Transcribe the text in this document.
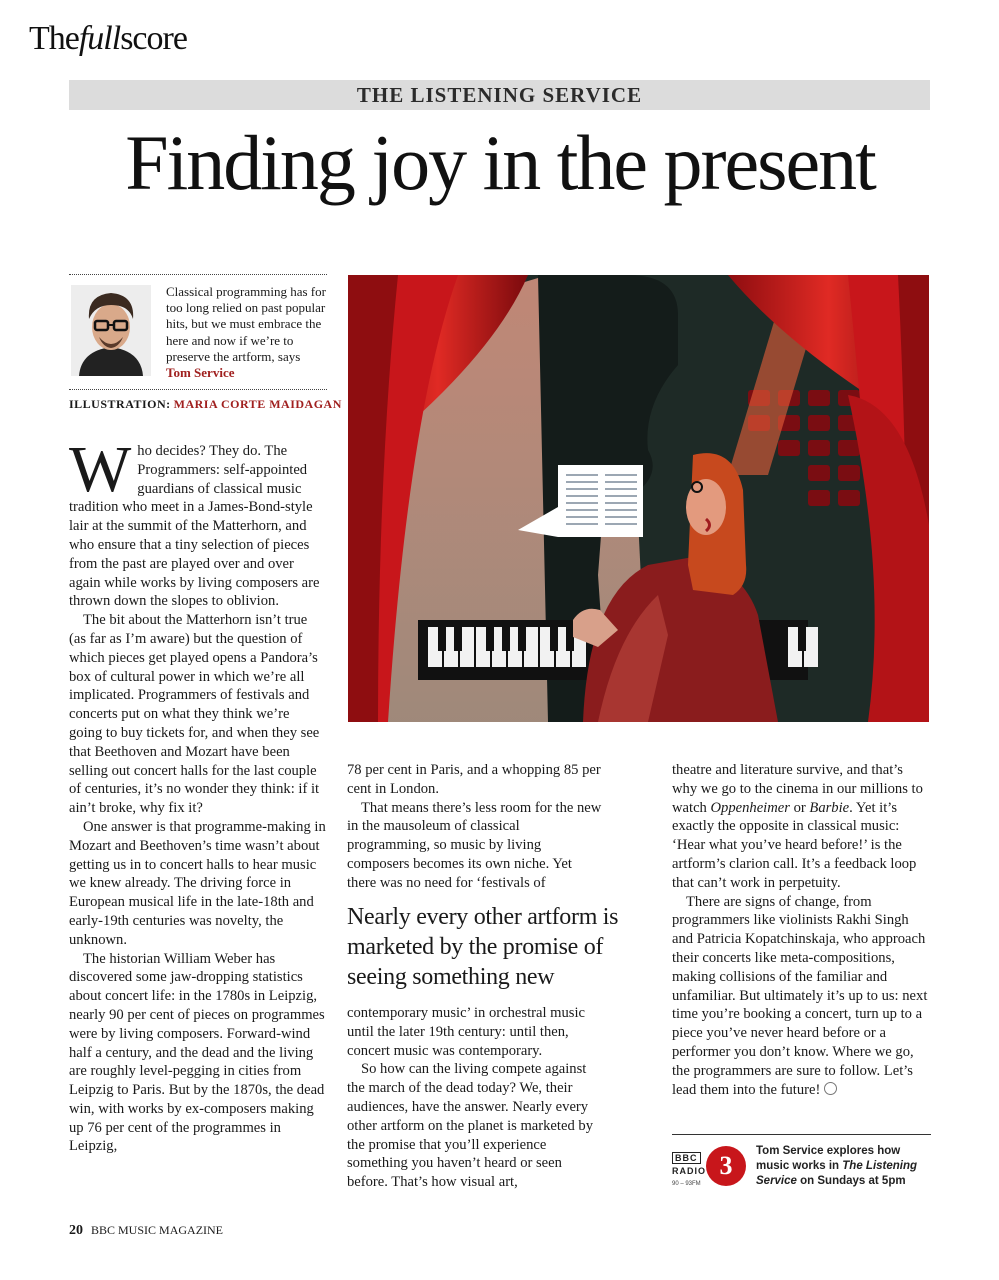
Thefullscore
THE LISTENING SERVICE
Finding joy in the present
Classical programming has for too long relied on past popular hits, but we must embrace the here and now if we’re to preserve the artform, says Tom Service
ILLUSTRATION: MARIA CORTE MAIDAGAN

Who decides? They do. The Programmers: self-appointed guardians of classical music tradition who meet in a James-Bond-style lair at the summit of the Matterhorn, and who ensure that a tiny selection of pieces from the past are played over and over again while works by living composers are thrown down the slopes to oblivion.

The bit about the Matterhorn isn’t true (as far as I’m aware) but the question of which pieces get played opens a Pandora’s box of cultural power in which we’re all implicated. Programmers of festivals and concerts put on what they think we’re going to buy tickets for, and when they see that Beethoven and Mozart have been selling out concert halls for the last couple of centuries, it’s no wonder they think: if it ain’t broke, why fix it?

One answer is that programme-making in Mozart and Beethoven’s time wasn’t about getting us in to concert halls to hear music we knew already. The driving force in European musical life in the late-18th and early-19th centuries was novelty, the unknown.

The historian William Weber has discovered some jaw-dropping statistics about concert life: in the 1780s in Leipzig, nearly 90 per cent of pieces on programmes were by living composers. Forward-wind half a century, and the dead and the living are roughly level-pegging in cities from Leipzig to Paris. But by the 1870s, the dead win, with works by ex-composers making up 76 per cent of the programmes in Leipzig,

78 per cent in Paris, and a whopping 85 per cent in London.

That means there’s less room for the new in the mausoleum of classical programming, so music by living composers becomes its own niche. Yet there was no need for ‘festivals of

Nearly every other artform is marketed by the promise of seeing something new

contemporary music’ in orchestral music until the later 19th century: until then, concert music was contemporary.

So how can the living compete against the march of the dead today? We, their audiences, have the answer. Nearly every other artform on the planet is marketed by the promise that you’ll experience something you haven’t heard or seen before. That’s how visual art,

theatre and literature survive, and that’s why we go to the cinema in our millions to watch Oppenheimer or Barbie. Yet it’s exactly the opposite in classical music: ‘Hear what you’ve heard before!’ is the artform’s clarion call. It’s a feedback loop that can’t work in perpetuity.

There are signs of change, from programmers like violinists Rakhi Singh and Patricia Kopatchinskaja, who approach their concerts like meta-compositions, making collisions of the familiar and unfamiliar. But ultimately it’s up to us: next time you’re booking a concert, turn up to a piece you’ve never heard before or a performer you don’t know. Where we go, the programmers are sure to follow. Let’s lead them into the future!

BBC
RADIO
90 – 93FM
3	Tom Service explores how music works in The Listening Service on Sundays at 5pm
20 BBC MUSIC MAGAZINE
